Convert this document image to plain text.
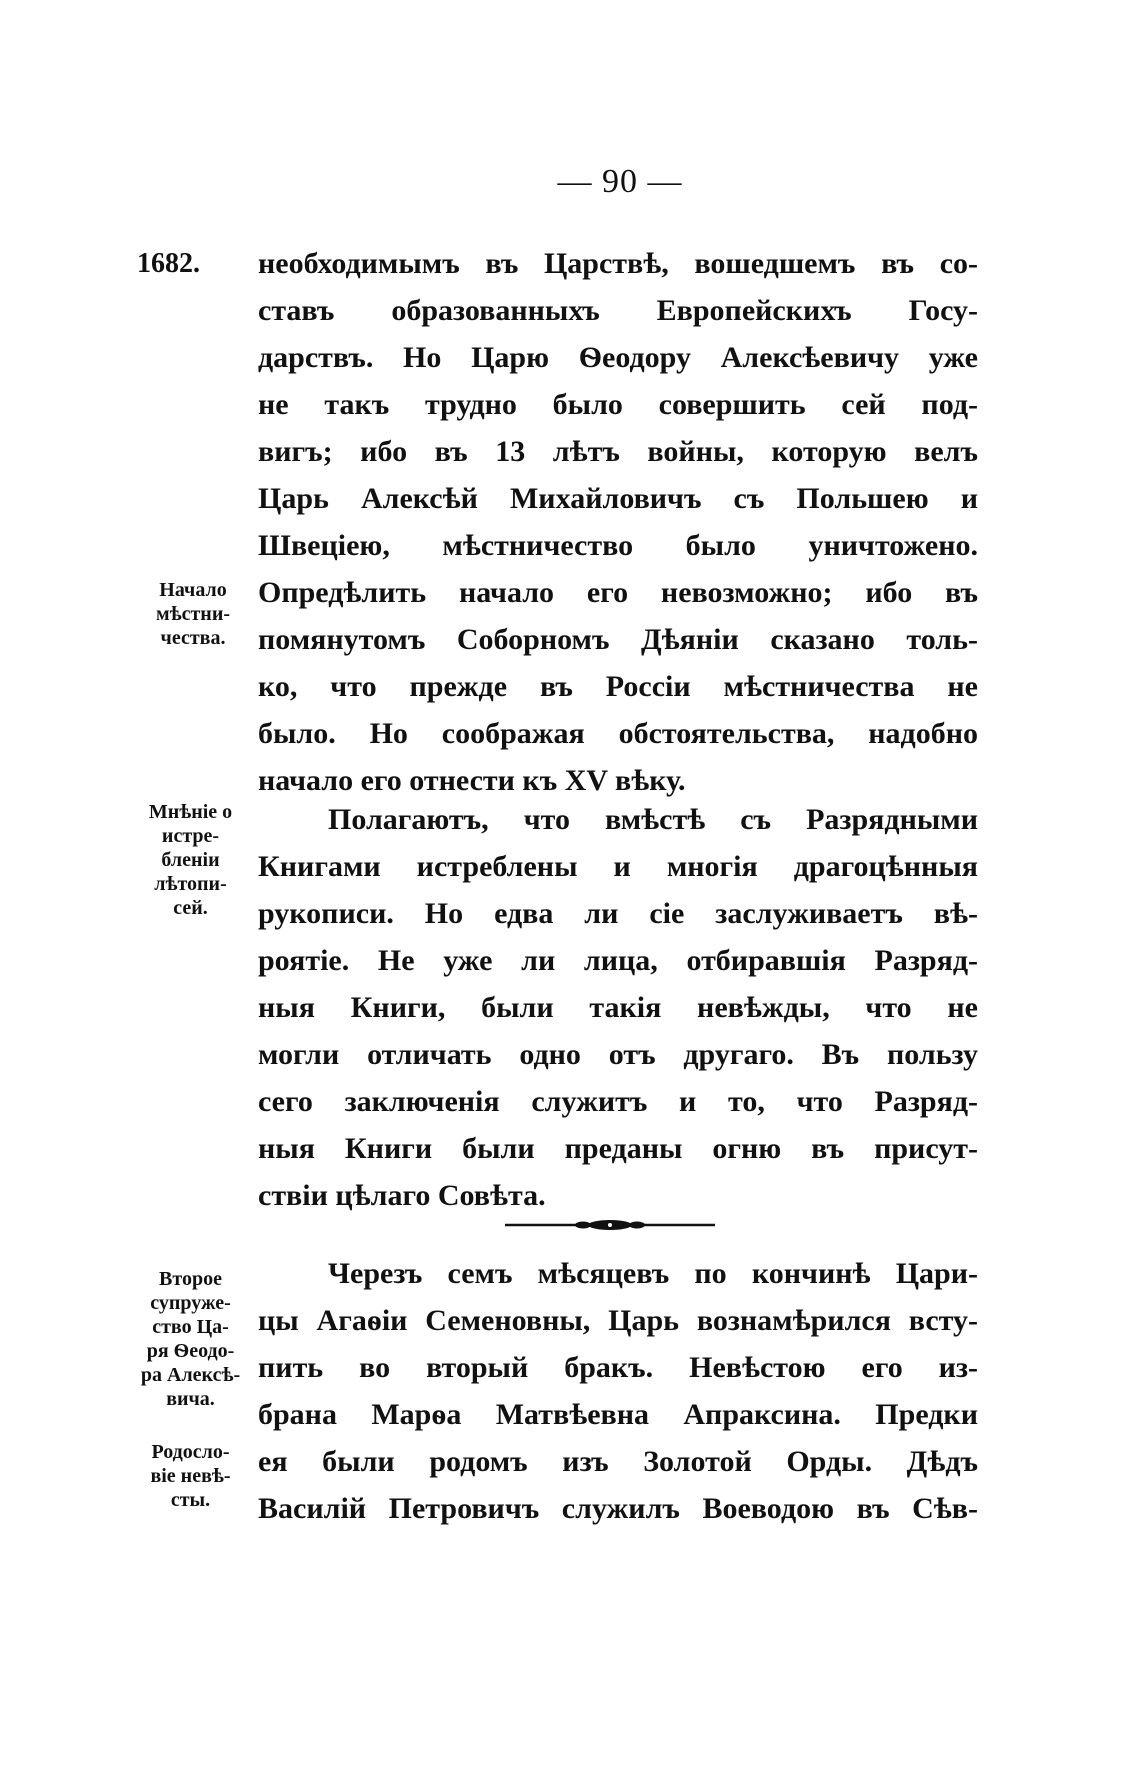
— 90 —
1682.
Начало
мѣстни-
чества.
Мнѣніе о
истре-
бленіи
лѣтопи-
сей.
Вторoе
супруже-
ство Ца-
ря Ѳеодо-
ра Алексѣ-
вича.
Родосло-
віе невѣ-
сты.
необходимымъ въ Царствѣ, вошедшемъ въ со-
ставъ образованныхъ Европейскихъ Госу-
дарствъ. Но Царю Ѳеодору Алексѣевичу уже
не такъ трудно было совершить сей под-
вигъ; ибо въ 13 лѣтъ войны, которую велъ
Царь Алексѣй Михайловичъ съ Польшею и
Швецiею, мѣстничество было уничтожено.
Опредѣлить начало его невозможно; ибо въ
помянутомъ Соборномъ Дѣянiи сказано толь-
ко, что прежде въ Россiи мѣстничества не
было. Но соображая обстоятельства, надобно
начало его отнести къ XV вѣку.
Полагаютъ, что вмѣстѣ съ Разрядными
Книгами истреблены и многiя драгоцѣнныя
рукописи. Но едва ли сiе заслуживаетъ вѣ-
роятiе. Не уже ли лица, отбиравшiя Разряд-
ныя Книги, были такiя невѣжды, что не
могли отличать одно отъ другаго. Въ пользу
сего заключенiя служитъ и то, что Разряд-
ныя Книги были преданы огню въ присут-
ствiи цѣлаго Совѣта.
Черезъ семъ мѣсяцевъ по кончинѣ Цари-
цы Агаѳiи Семеновны, Царь вознамѣрился всту-
пить во вторый бракъ. Невѣстою его из-
брана Марѳа Матвѣевна Апраксина. Предки
ея были родомъ изъ Золотой Орды. Дѣдъ
Василiй Петровичъ служилъ Воеводою въ Сѣв-
